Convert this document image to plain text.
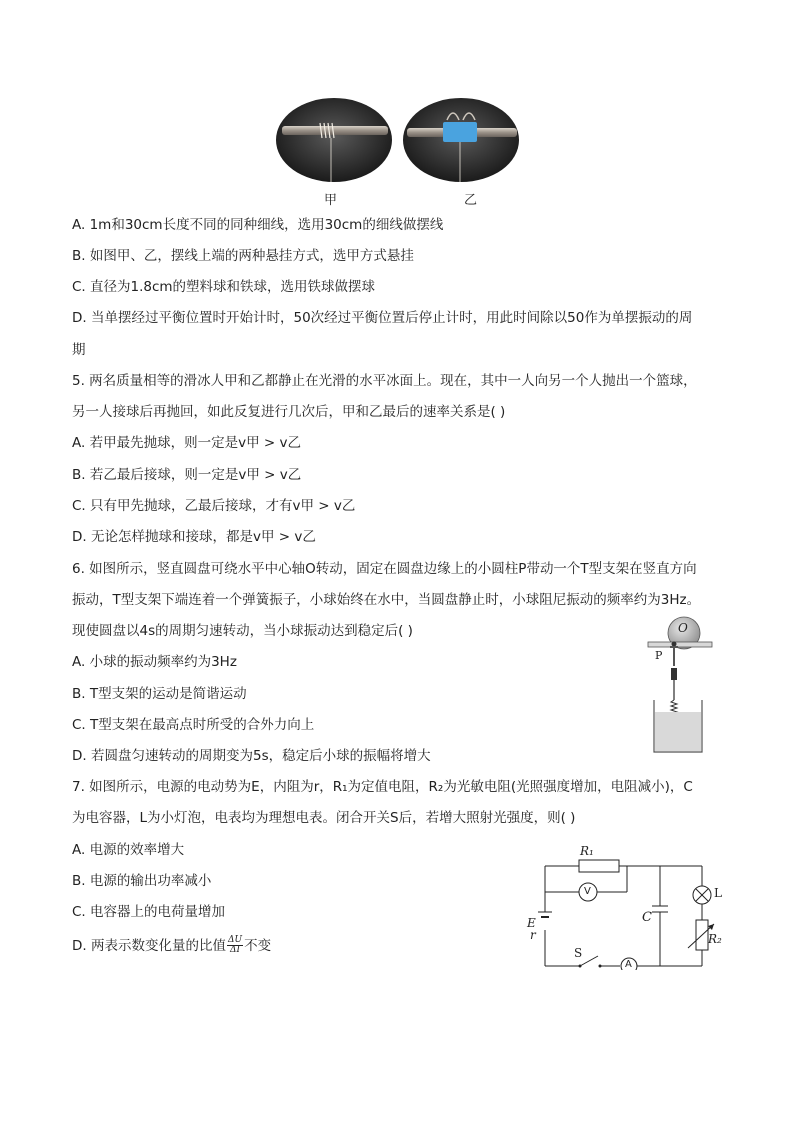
甲	乙
A. 1m和30cm长度不同的同种细线，选用30cm的细线做摆线
B. 如图甲、乙，摆线上端的两种悬挂方式，选甲方式悬挂
C. 直径为1.8cm的塑料球和铁球，选用铁球做摆球
D. 当单摆经过平衡位置时开始计时，50次经过平衡位置后停止计时，用此时间除以50作为单摆振动的周
期
5. 两名质量相等的滑冰人甲和乙都静止在光滑的水平冰面上。现在，其中一人向另一个人抛出一个篮球，
另一人接球后再抛回，如此反复进行几次后，甲和乙最后的速率关系是( )
A. 若甲最先抛球，则一定是v甲 > v乙
B. 若乙最后接球，则一定是v甲 > v乙
C. 只有甲先抛球，乙最后接球，才有v甲 > v乙
D. 无论怎样抛球和接球，都是v甲 > v乙
6. 如图所示，竖直圆盘可绕水平中心轴O转动，固定在圆盘边缘上的小圆柱P带动一个T型支架在竖直方向
振动，T型支架下端连着一个弹簧振子，小球始终在水中，当圆盘静止时，小球阻尼振动的频率约为3Hz。
现使圆盘以4s的周期匀速转动，当小球振动达到稳定后( )
A. 小球的振动频率约为3Hz
B. T型支架的运动是简谐运动
C. T型支架在最高点时所受的合外力向上
D. 若圆盘匀速转动的周期变为5s，稳定后小球的振幅将增大
O
P
7. 如图所示，电源的电动势为E，内阻为r，R₁为定值电阻，R₂为光敏电阻(光照强度增加，电阻减小)，C
为电容器，L为小灯泡，电表均为理想电表。闭合开关S后，若增大照射光强度，则( )
A. 电源的效率增大
B. 电源的输出功率减小
C. 电容器上的电荷量增加
D. 两表示数变化量的比值 $\frac{\Delta U}{\Delta I}$ 不变
R₁
V
C
L
R₂
E
r
S
A
